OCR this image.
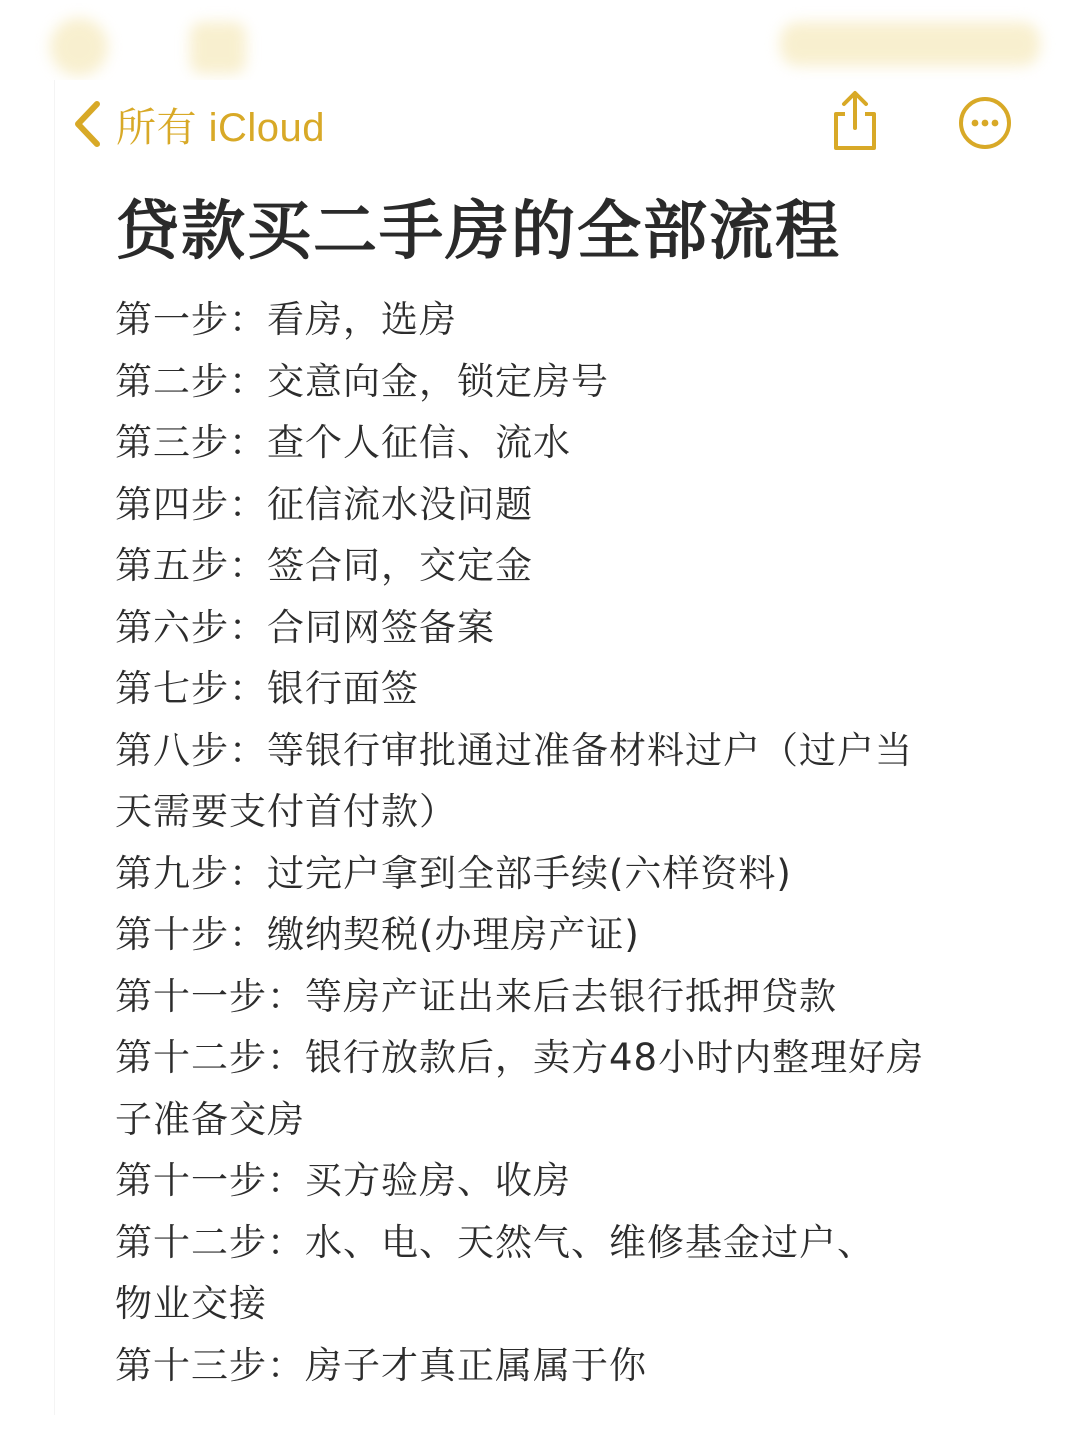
所有 iCloud
贷款买二手房的全部流程
第一步：看房，选房
第二步：交意向金，锁定房号
第三步：查个人征信、流水
第四步：征信流水没问题
第五步：签合同，交定金
第六步：合同网签备案
第七步：银行面签
第八步：等银行审批通过准备材料过户（过户当
天需要支付首付款）
第九步：过完户拿到全部手续(六样资料)
第十步：缴纳契税(办理房产证)
第十一步：等房产证出来后去银行抵押贷款
第十二步：银行放款后，卖方48小时内整理好房
子准备交房
第十一步：买方验房、收房
第十二步：水、电、天然气、维修基金过户、
物业交接
第十三步：房子才真正属属于你
